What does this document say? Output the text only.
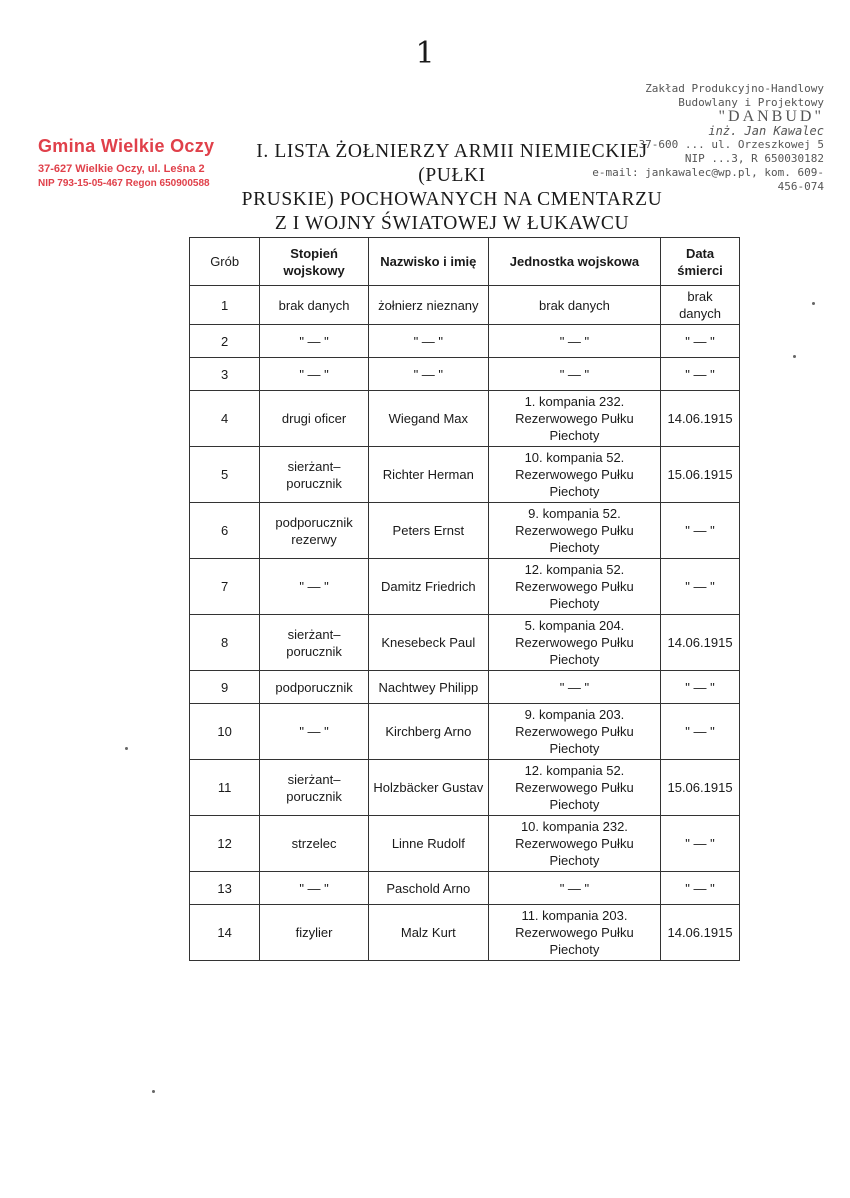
1
Zakład Produkcyjno-Handlowy
Budowlany i Projektowy
"DANBUD"
inż. Jan Kawalec
37-600 ... ul. Orzeszkowej 5
NIP ...3, R 650030182
e-mail: jankawalec@wp.pl, kom. 609-456-074
Gmina Wielkie Oczy
37-627 Wielkie Oczy, ul. Leśna 2
NIP 793-15-05-467 Regon 650900588
I. LISTA ŻOŁNIERZY ARMII NIEMIECKIEJ (PUŁKI
PRUSKIE) POCHOWANYCH NA CMENTARZU
Z I WOJNY ŚWIATOWEJ W ŁUKAWCU
Grób	Stopień wojskowy	Nazwisko i imię	Jednostka wojskowa	Data śmierci
1	brak danych	żołnierz nieznany	brak danych	brak danych
2	" — "	" — "	" — "	" — "
3	" — "	" — "	" — "	" — "
4	drugi oficer	Wiegand Max	1. kompania 232. Rezerwowego Pułku Piechoty	14.06.1915
5	sierżant–porucznik	Richter Herman	10. kompania 52. Rezerwowego Pułku Piechoty	15.06.1915
6	podporucznik rezerwy	Peters Ernst	9. kompania 52. Rezerwowego Pułku Piechoty	" — "
7	" — "	Damitz Friedrich	12. kompania 52. Rezerwowego Pułku Piechoty	" — "
8	sierżant–porucznik	Knesebeck Paul	5. kompania 204. Rezerwowego Pułku Piechoty	14.06.1915
9	podporucznik	Nachtwey Philipp	" — "	" — "
10	" — "	Kirchberg Arno	9. kompania 203. Rezerwowego Pułku Piechoty	" — "
11	sierżant–porucznik	Holzbäcker Gustav	12. kompania 52. Rezerwowego Pułku Piechoty	15.06.1915
12	strzelec	Linne Rudolf	10. kompania 232. Rezerwowego Pułku Piechoty	" — "
13	" — "	Paschold Arno	" — "	" — "
14	fizylier	Malz Kurt	11. kompania 203. Rezerwowego Pułku Piechoty	14.06.1915
